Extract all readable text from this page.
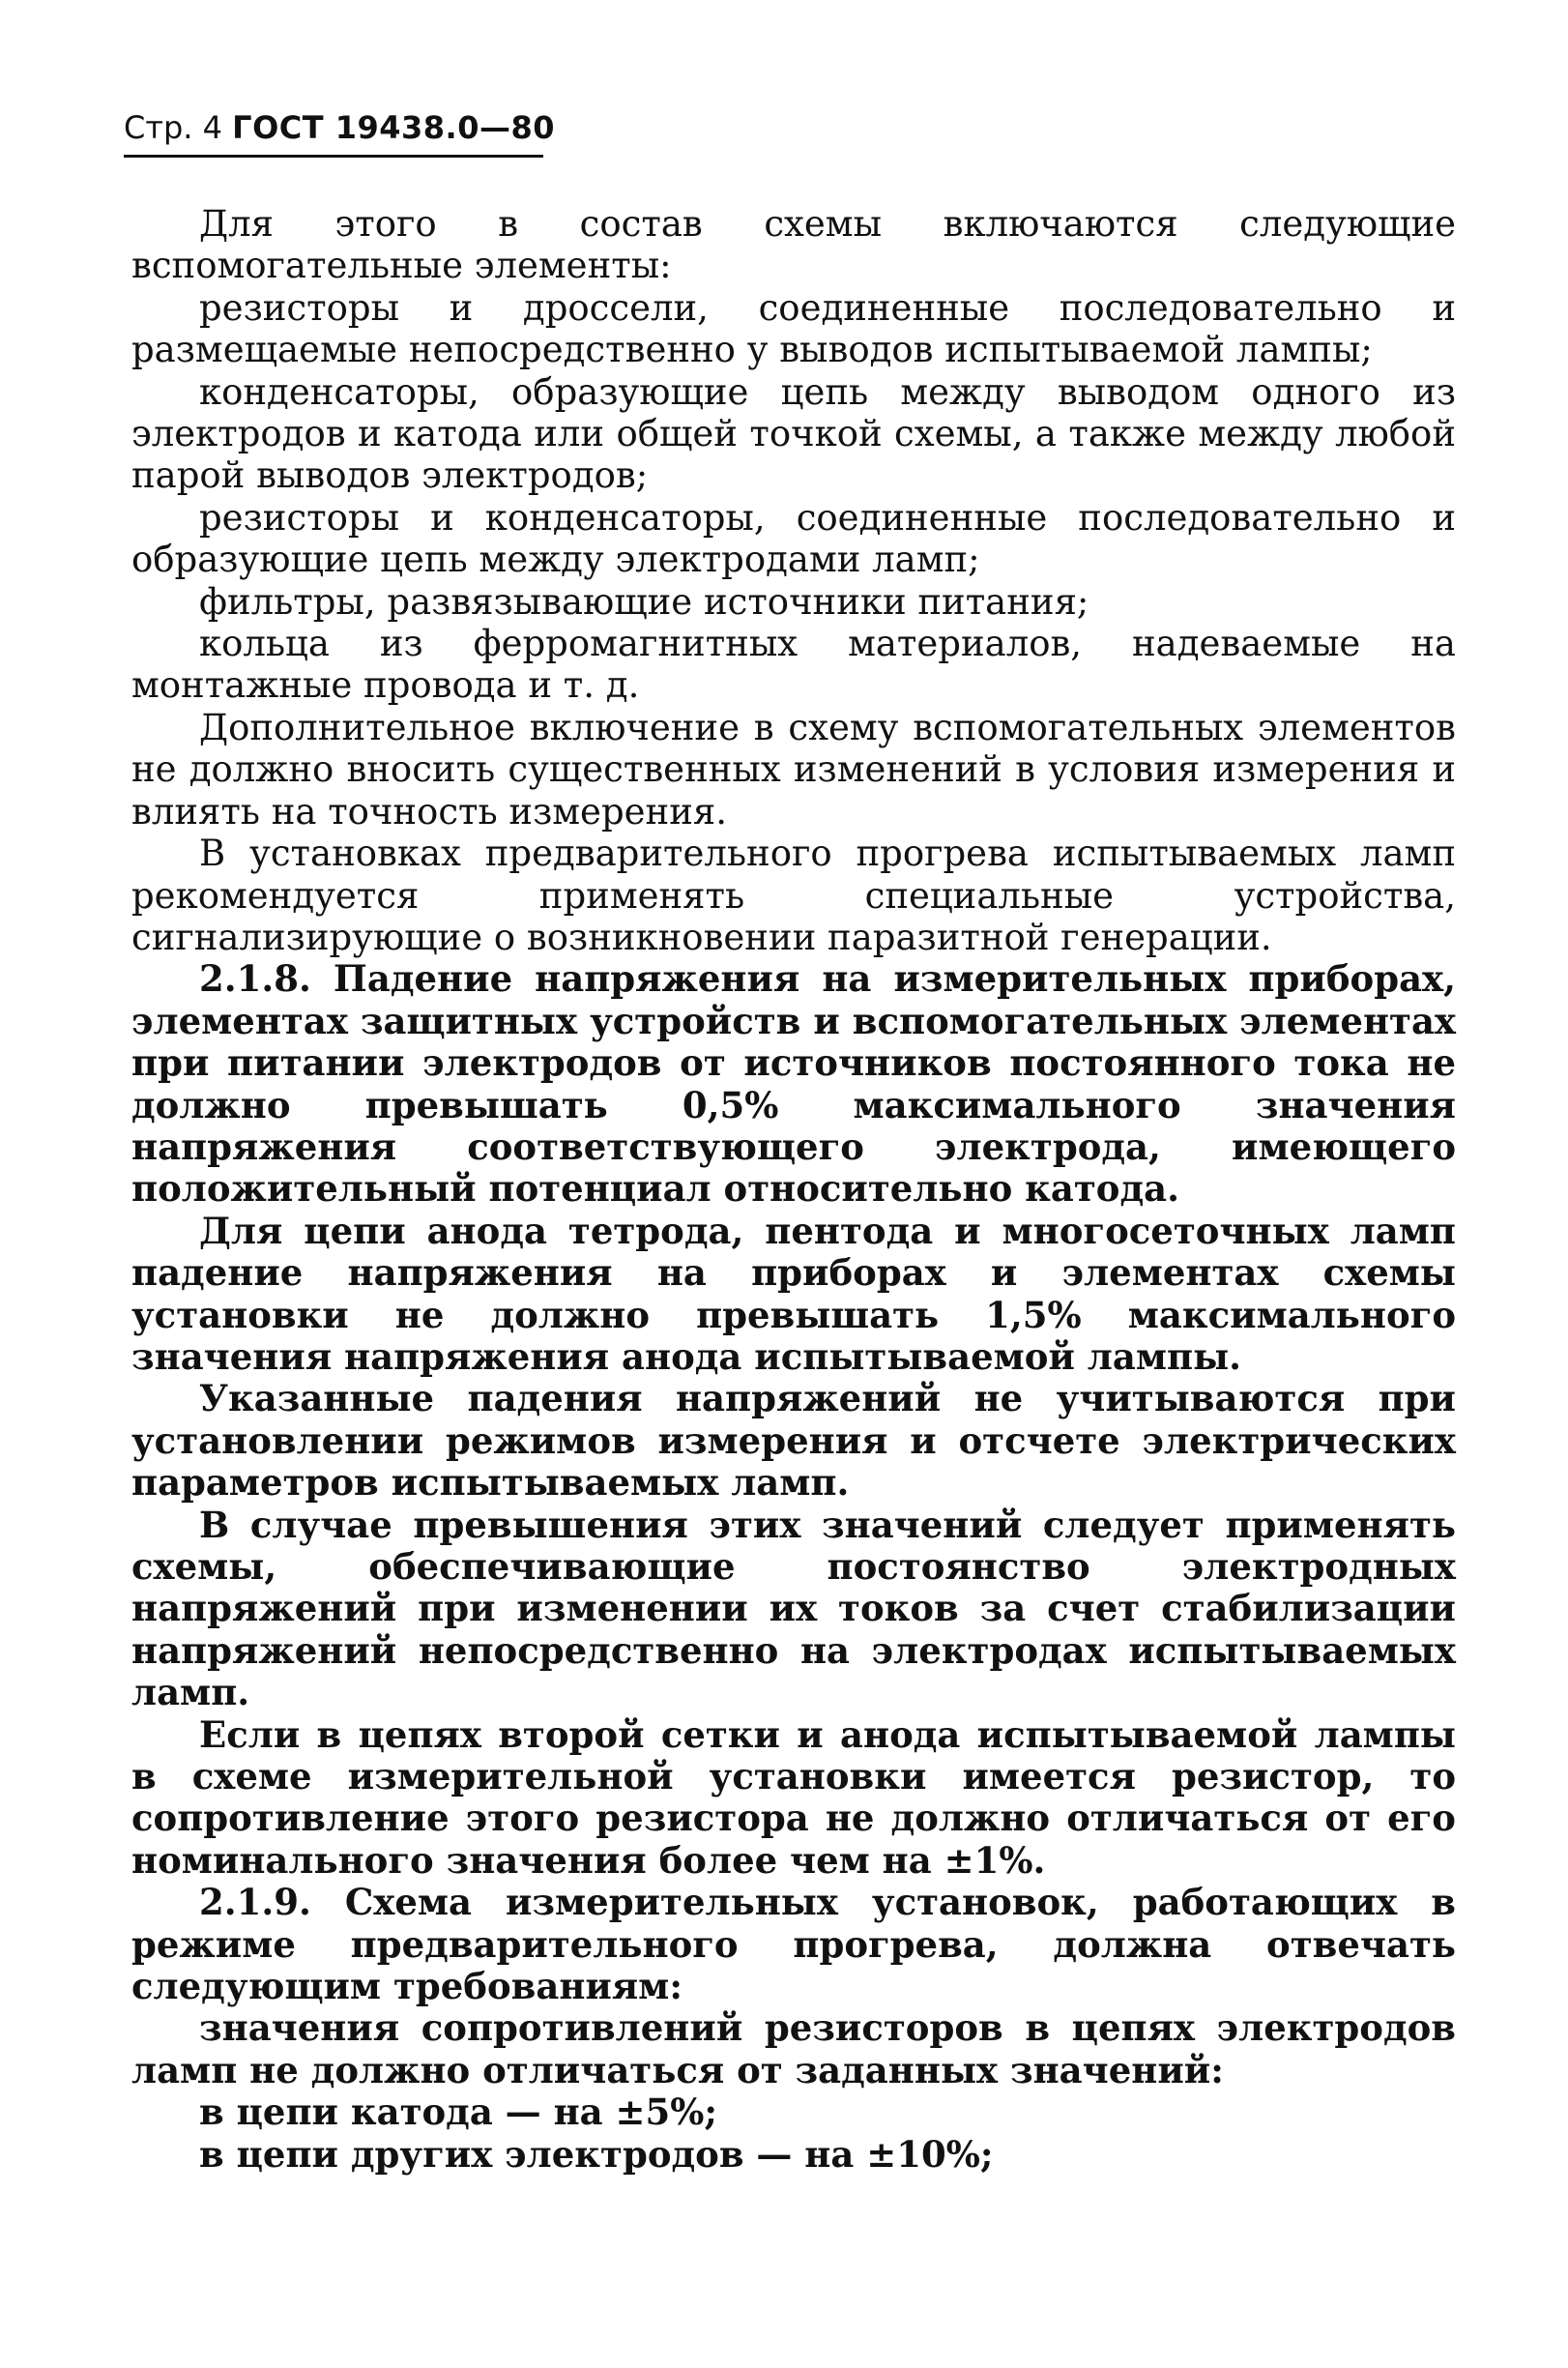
Стр. 4 ГОСТ 19438.0—80

Для этого в состав схемы включаются следующие вспомогательные элементы:

резисторы и дроссели, соединенные последовательно и размещаемые непосредственно у выводов испытываемой лампы;

конденсаторы, образующие цепь между выводом одного из электродов и катода или общей точкой схемы, а также между любой парой выводов электродов;

резисторы и конденсаторы, соединенные последовательно и образующие цепь между электродами ламп;

фильтры, развязывающие источники питания;

кольца из ферромагнитных материалов, надеваемые на монтажные провода и т. д.

Дополнительное включение в схему вспомогательных элементов не должно вносить существенных изменений в условия измерения и влиять на точность измерения.

В установках предварительного прогрева испытываемых ламп рекомендуется применять специальные устройства, сигнализирующие о возникновении паразитной генерации.

2.1.8. Падение напряжения на измерительных приборах, элементах защитных устройств и вспомогательных элементах при питании электродов от источников постоянного тока не должно превышать 0,5% максимального значения напряжения соответствующего электрода, имеющего положительный потенциал относительно катода.

Для цепи анода тетрода, пентода и многосеточных ламп падение напряжения на приборах и элементах схемы установки не должно превышать 1,5% максимального значения напряжения анода испытываемой лампы.

Указанные падения напряжений не учитываются при установлении режимов измерения и отсчете электрических параметров испытываемых ламп.

В случае превышения этих значений следует применять схемы, обеспечивающие постоянство электродных напряжений при изменении их токов за счет стабилизации напряжений непосредственно на электродах испытываемых ламп.

Если в цепях второй сетки и анода испытываемой лампы в схеме измерительной установки имеется резистор, то сопротивление этого резистора не должно отличаться от его номинального значения более чем на ±1%.

2.1.9. Схема измерительных установок, работающих в режиме предварительного прогрева, должна отвечать следующим требованиям:

значения сопротивлений резисторов в цепях электродов ламп не должно отличаться от заданных значений:

в цепи катода — на ±5%;

в цепи других электродов — на ±10%;
